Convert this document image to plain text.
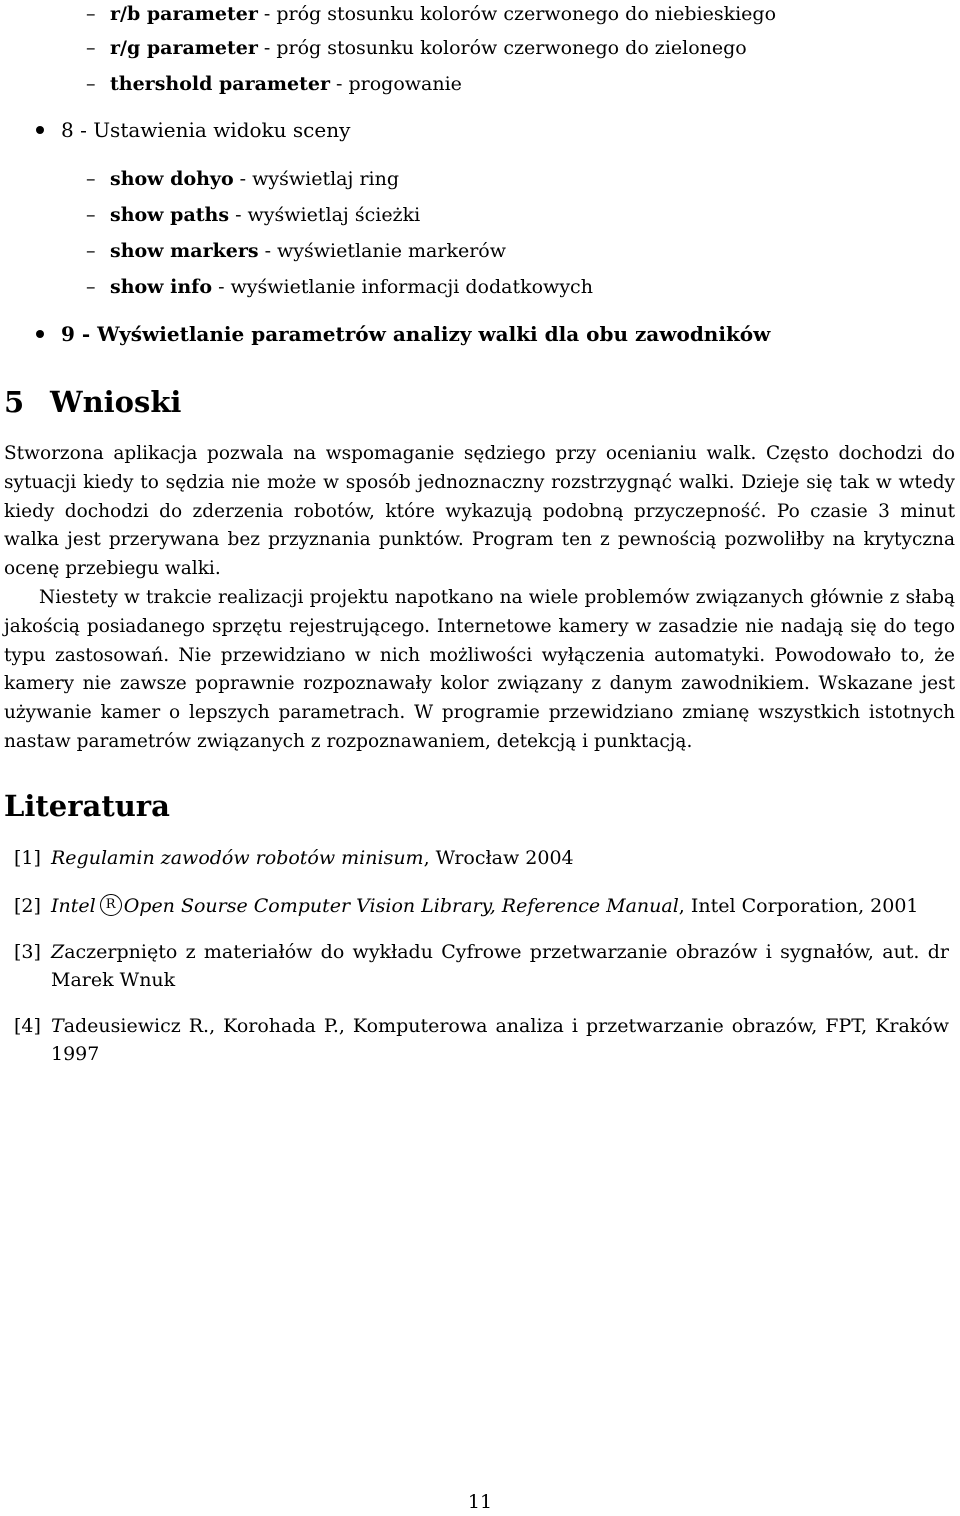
– r/b parameter - próg stosunku kolorów czerwonego do niebieskiego
– r/g parameter - próg stosunku kolorów czerwonego do zielonego
– thershold parameter - progowanie
8 - Ustawienia widoku sceny
– show dohyo - wyświetlaj ring
– show paths - wyświetlaj ścieżki
– show markers - wyświetlanie markerów
– show info - wyświetlanie informacji dodatkowych
9 - Wyświetlanie parametrów analizy walki dla obu zawodników
5 Wnioski

Stworzona aplikacja pozwala na wspomaganie sędziego przy ocenianiu walk. Często dochodzi do sytuacji kiedy to sędzia nie może w sposób jednoznaczny rozstrzygnąć walki. Dzieje się tak w wtedy kiedy dochodzi do zderzenia robotów, które wykazują podobną przyczepność. Po czasie 3 minut walka jest przerywana bez przyznania punktów. Program ten z pewnością pozwoliłby na krytyczna ocenę przebiegu walki.

Niestety w trakcie realizacji projektu napotkano na wiele problemów związanych głównie z słabą jakością posiadanego sprzętu rejestrującego. Internetowe kamery w zasadzie nie nadają się do tego typu zastosowań. Nie przewidziano w nich możliwości wyłączenia automatyki. Powodowało to, że kamery nie zawsze poprawnie rozpoznawały kolor związany z danym zawodnikiem. Wskazane jest używanie kamer o lepszych parametrach. W programie przewidziano zmianę wszystkich istotnych nastaw parametrów związanych z rozpoznawaniem, detekcją i punktacją.

Literatura
[1] Regulamin zawodów robotów minisum, Wrocław 2004
[2] Intel R Open Sourse Computer Vision Library, Reference Manual, Intel Corporation, 2001
[3] Zaczerpnięto z materiałów do wykładu Cyfrowe przetwarzanie obrazów i sygnałów, aut. dr Marek Wnuk
[4] Tadeusiewicz R., Korohada P., Komputerowa analiza i przetwarzanie obrazów, FPT, Kraków 1997
11
